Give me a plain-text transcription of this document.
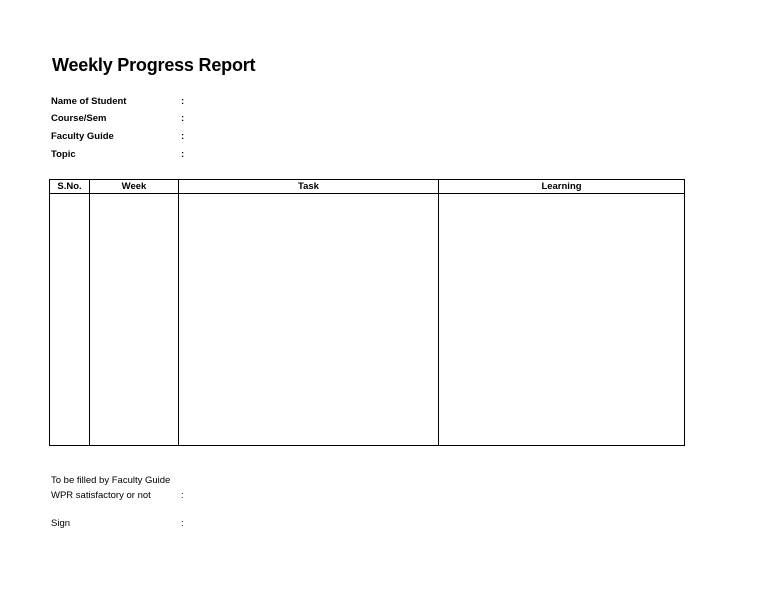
Weekly Progress Report
Name of Student	:
Course/Sem	:
Faculty Guide	:
Topic	:
S.No.	Week	Task	Learning

To be filled by Faculty Guide
WPR satisfactory or not	:
Sign	:
